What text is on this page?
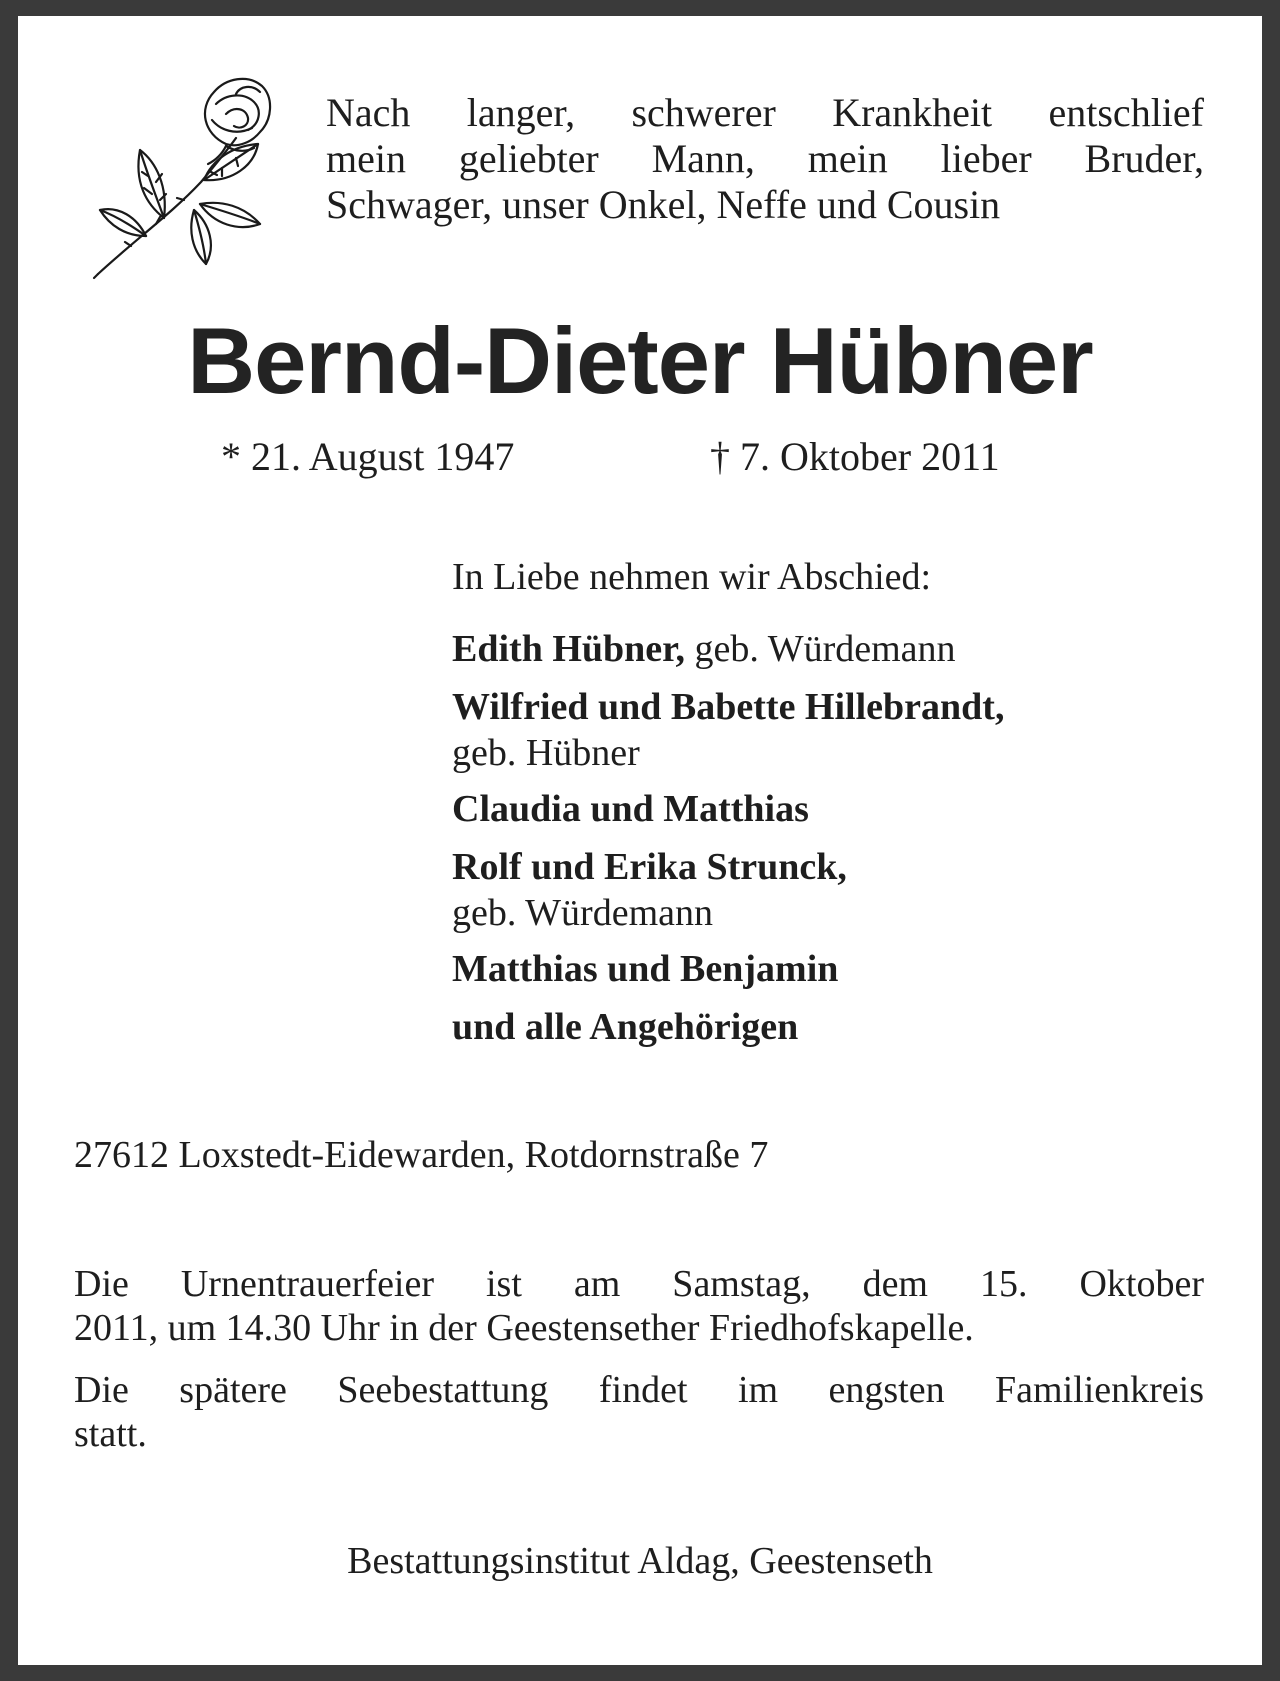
Nach langer, schwerer Krankheit entschlief
mein geliebter Mann, mein lieber Bruder,
Schwager, unser Onkel, Neffe und Cousin

Bernd-Dieter Hübner
* 21. August 1947	† 7. Oktober 2011
In Liebe nehmen wir Abschied:

Edith Hübner, geb. Würdemann

Wilfried und Babette Hillebrandt,
geb. Hübner

Claudia und Matthias

Rolf und Erika Strunck,
geb. Würdemann

Matthias und Benjamin

und alle Angehörigen

27612 Loxstedt-Eidewarden, Rotdornstraße 7

Die Urnentrauerfeier ist am Samstag, dem 15. Oktober
2011, um 14.30 Uhr in der Geestensether Friedhofskapelle.

Die spätere Seebestattung findet im engsten Familienkreis
statt.

Bestattungsinstitut Aldag, Geestenseth
